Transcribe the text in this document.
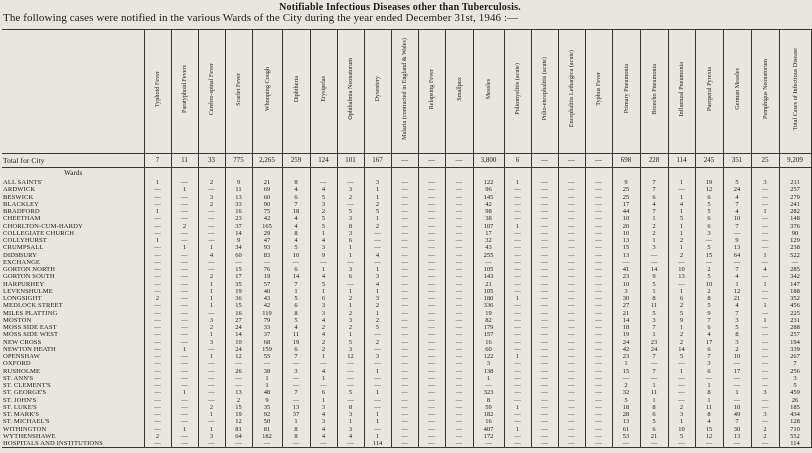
Notifiable Infectious Diseases other than Tuberculosis.
The following cases were notified in the various Wards of the City during the year ended December 31st, 1946 :—
	Typhoid Fever	Paratyphoid Fevers	Cerebro-spinal Fever	Scarlet Fever	Whooping Cough	Diphtheria	Erysipelas	Ophthalmia Neonatorum	Dysentery	Malaria (contracted in England & Wales)	Relapsing Fever	Smallpox	Measles	Poliomyelitis (acute)	Polio-encephalitis (acute)	Encephalitis Lethargica (acute)	Typhus Fever	Primary Pneumonia	Broncho Pneumonia	Influenzal Pneumonia	Puerperal Pyrexia	German Measles	Pemphigus Neonatorum	Total Cases of Infectious Disease
Total for City	7	11	33	775	2,265	259	124	101	167	—	—	—	3,800	6	—	—	—	698	228	114	245	351	25	9,209
Wards																								
ALL SAINTS'	1	—	2	9	21	8	—	—	3	—	—	—	122	1	—	—	—	9	7	1	19	5	3	211
ARDWICK	—	1	—	11	69	4	4	3	1	—	—	—	96	—	—	—	—	25	7	—	12	24	—	257
BESWICK	—	—	3	13	60	6	5	2	1	—	—	—	145	—	—	—	—	25	6	1	6	4	—	279
BLACKLEY	—	—	2	33	90	7	3	—	2	—	—	—	42	—	—	—	—	17	4	4	5	7	—	241
BRADFORD	1	—	—	16	75	18	2	5	5	—	—	—	98	—	—	—	—	44	7	1	5	4	1	282
CHEETHAM	—	—	—	23	42	4	5	3	1	—	—	—	38	—	—	—	—	10	1	5	6	10	—	148
CHORLTON-CUM-HARDY	—	2	—	37	165	4	5	8	2	—	—	—	107	1	—	—	—	20	2	1	6	7	—	376
COLLEGIATE CHURCH	—	—	—	14	29	8	1	3	—	—	—	—	17	—	—	—	—	10	2	1	3	—	—	90
COLLYHURST	1	—	—	9	47	4	4	6	—	—	—	—	32	—	—	—	—	13	1	2	—	9	—	129
CRUMPSALL	—	1	1	34	93	5	3	1	—	—	—	—	43	—	—	—	—	15	3	1	5	13	—	238
DIDSBURY	—	—	4	60	83	10	9	1	4	—	—	—	255	—	—	—	—	13	—	2	15	64	1	522
EXCHANGE	—	—	—	—	—	—	—	—	—	—	—	—	—	—	—	—	—	—	—	—	—	—	—	—
GORTON NORTH	—	—	—	15	76	6	1	3	1	—	—	—	105	—	—	—	—	41	14	10	2	7	4	285
GORTON SOUTH	—	—	2	17	19	14	4	6	3	—	—	—	143	—	—	—	—	23	9	13	5	4	—	342
HARPURHEY	—	—	1	35	57	7	5	—	4	—	—	—	21	—	—	—	—	10	5	—	10	1	1	147
LEVENSHULME	—	—	1	19	40	1	1	1	1	—	—	—	105	—	—	—	—	3	1	1	2	12	—	188
LONGSIGHT	2	—	1	36	43	5	6	2	3	—	—	—	180	1	—	—	—	30	8	6	8	21	—	352
MEDLOCK STREET	—	—	1	15	42	6	3	1	2	—	—	—	336	—	—	—	—	27	11	2	5	4	1	456
MILES PLATTING	—	—	—	16	119	8	3	2	1	—	—	—	19	—	—	—	—	21	5	5	9	7	—	225
MOSTON	—	—	3	27	79	5	4	3	2	—	—	—	82	—	—	—	—	14	3	9	7	3	1	231
MOSS SIDE EAST	—	—	2	24	33	4	2	2	5	—	—	—	179	—	—	—	—	18	7	1	6	5	—	288
MOSS SIDE WEST	—	—	1	14	37	11	4	1	—	—	—	—	157	—	—	—	—	19	1	2	4	8	—	257
NEW CROSS	—	—	3	10	68	19	2	5	2	—	—	—	16	—	—	—	—	24	23	2	17	3	—	194
NEWTON HEATH	—	1	—	24	159	6	2	3	—	—	—	—	60	—	—	—	—	42	24	14	6	2	—	339
OPENSHAW	—	—	1	12	55	7	1	12	3	—	—	—	122	1	—	—	—	23	7	5	7	10	—	267
OXFORD	—	—	—	—	—	—	—	—	—	—	—	—	3	—	—	—	—	1	—	—	3	—	—	7
RUSHOLME	—	—	—	26	38	3	4	—	1	—	—	—	138	—	—	—	—	15	7	1	6	17	—	256
ST. ANN'S	—	—	—	—	1	—	1	—	—	—	—	—	1	—	—	—	—	—	—	—	—	—	—	3
ST. CLEMENT'S	—	—	—	—	1	—	—	—	—	—	—	—	—	—	—	—	—	2	1	—	1	—	—	5
ST. GEORGE'S	—	1	—	13	48	7	6	5	1	—	—	—	323	—	—	—	—	32	11	—	8	1	3	459
ST. JOHN'S	—	—	—	2	9	—	1	—	—	—	—	—	8	—	—	—	—	5	1	—	1	—	—	26
ST. LUKE'S	—	—	2	15	35	13	3	8	—	—	—	—	59	1	—	—	—	18	8	2	11	10	—	185
ST. MARK'S	—	—	1	19	92	37	4	3	1	—	—	—	182	—	—	—	—	28	6	3	8	49	3	434
ST. MICHAEL'S	—	—	—	12	50	1	3	1	1	—	—	—	16	—	—	—	—	13	5	1	4	7	—	128
WITHINGTON	—	1	1	81	81	8	4	3	—	—	—	—	407	1	—	—	—	61	6	10	15	30	2	710
WYTHENSHAWE	2	—	3	64	182	8	4	4	1	—	—	—	172	—	—	—	—	53	21	5	12	13	2	552
HOSPITALS AND INSTITUTIONS	—	—	—	—	—	—	—	—	114	—	—	—	—	—	—	—	—	—	—	—	—	—	—	114
